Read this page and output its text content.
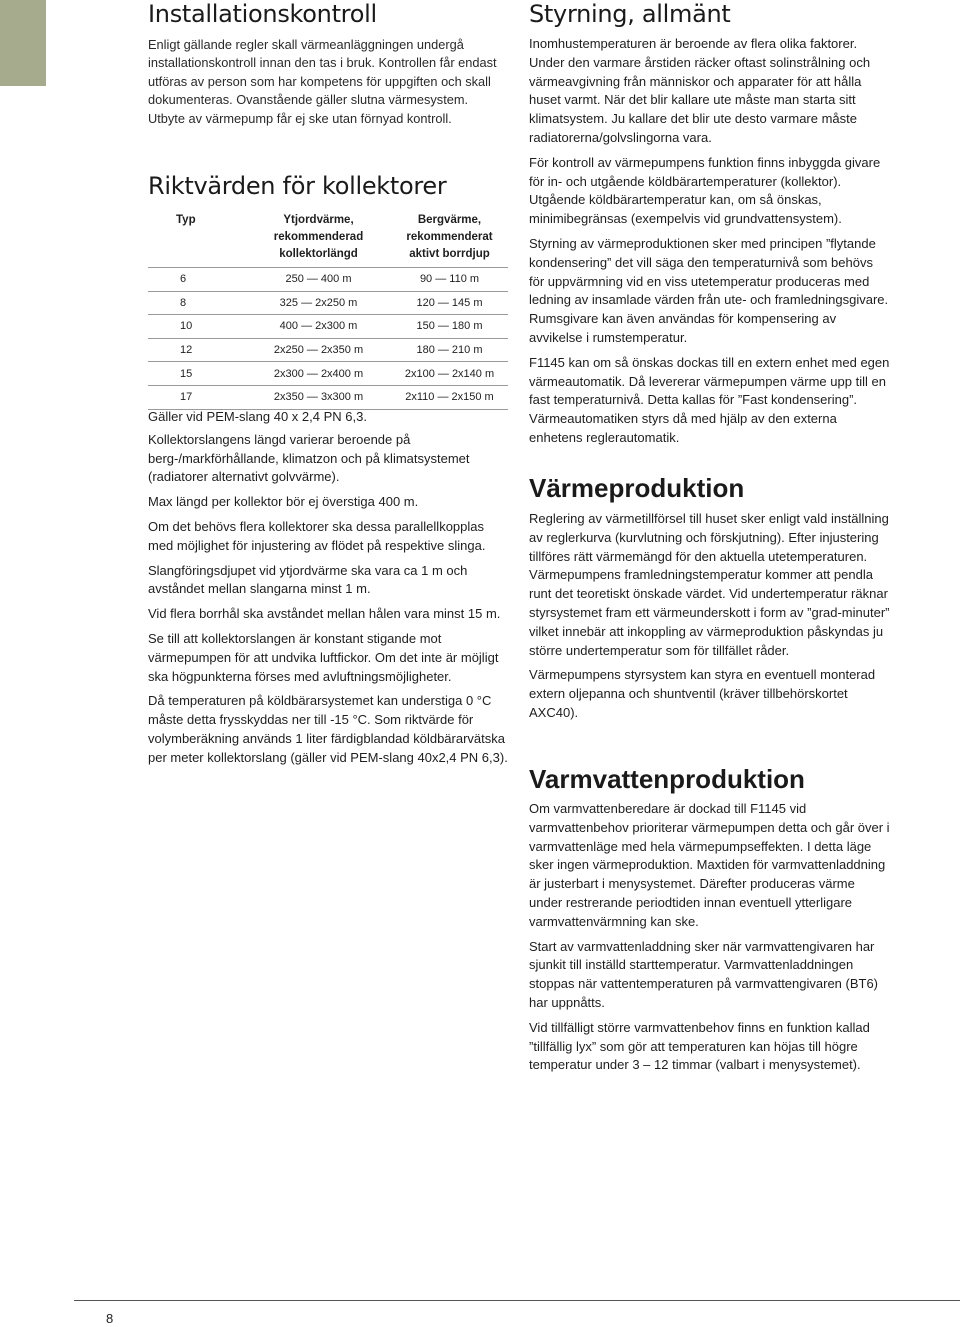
Installationskontroll

Enligt gällande regler skall värmeanläggningen undergå installationskontroll innan den tas i bruk. Kontrollen får endast utföras av person som har kompetens för uppgiften och skall dokumenteras. Ovanstående gäller slutna värmesystem. Utbyte av värmepump får ej ske utan förnyad kontroll.

Riktvärden för kollektorer
Typ	Ytjordvärme, rekommenderad kollektorlängd	Bergvärme, rekommenderat aktivt borrdjup
6	250 — 400 m	90 — 110 m
8	325 — 2x250 m	120 — 145 m
10	400 — 2x300 m	150 — 180 m
12	2x250 — 2x350 m	180 — 210 m
15	2x300 — 2x400 m	2x100 — 2x140 m
17	2x350 — 3x300 m	2x110 — 2x150 m

Gäller vid PEM-slang 40 x 2,4 PN 6,3.

Kollektorslangens längd varierar beroende på berg-/markförhållande, klimatzon och på klimatsystemet (radiatorer alternativt golvvärme).

Max längd per kollektor bör ej överstiga 400 m.

Om det behövs flera kollektorer ska dessa parallellkopplas med möjlighet för injustering av flödet på respektive slinga.

Slangföringsdjupet vid ytjordvärme ska vara ca 1 m och avståndet mellan slangarna minst 1 m.

Vid flera borrhål ska avståndet mellan hålen vara minst 15 m.

Se till att kollektorslangen är konstant stigande mot värmepumpen för att undvika luftfickor. Om det inte är möjligt ska högpunkterna förses med avluftningsmöjligheter.

Då temperaturen på köldbärarsystemet kan understiga 0 °C måste detta frysskyddas ner till -15 °C. Som riktvärde för volymberäkning används 1 liter färdigblandad köldbärarvätska per meter kollektorslang (gäller vid PEM-slang 40x2,4 PN 6,3).

Styrning, allmänt

Inomhustemperaturen är beroende av flera olika faktorer. Under den varmare årstiden räcker oftast solinstrålning och värmeavgivning från människor och apparater för att hålla huset varmt. När det blir kallare ute måste man starta sitt klimatsystem. Ju kallare det blir ute desto varmare måste radiatorerna/golvslingorna vara.

För kontroll av värmepumpens funktion finns inbyggda givare för in- och utgående köldbärartemperaturer (kollektor). Utgående köldbärartemperatur kan, om så önskas, minimibegränsas (exempelvis vid grundvattensystem).

Styrning av värmeproduktionen sker med principen ”flytande kondensering” det vill säga den temperaturnivå som behövs för uppvärmning vid en viss utetemperatur produceras med ledning av insamlade värden från ute- och framledningsgivare. Rumsgivare kan även användas för kompensering av avvikelse i rumstemperatur.

F1145 kan om så önskas dockas till en extern enhet med egen värmeautomatik. Då levererar värmepumpen värme upp till en fast temperaturnivå. Detta kallas för ”Fast kondensering”. Värmeautomatiken styrs då med hjälp av den externa enhetens reglerautomatik.

Värmeproduktion

Reglering av värmetillförsel till huset sker enligt vald inställning av reglerkurva (kurvlutning och förskjutning). Efter injustering tillföres rätt värmemängd för den aktuella utetemperaturen. Värmepumpens framledningstemperatur kommer att pendla runt det teoretiskt önskade värdet. Vid undertemperatur räknar styrsystemet fram ett värmeunderskott i form av ”grad-minuter” vilket innebär att inkoppling av värmeproduktion påskyndas ju större undertemperatur som för tillfället råder.

Värmepumpens styrsystem kan styra en eventuell monterad extern oljepanna och shuntventil (kräver tillbehörskortet AXC40).

Varmvattenproduktion

Om varmvattenberedare är dockad till F1145 vid varmvattenbehov prioriterar värmepumpen detta och går över i varmvattenläge med hela värmepumpseffekten. I detta läge sker ingen värmeproduktion. Maxtiden för varmvattenladdning är justerbart i menysystemet. Därefter produceras värme under restrerande periodtiden innan eventuell ytterligare varmvattenvärmning kan ske.

Start av varmvattenladdning sker när varmvattengivaren har sjunkit till inställd starttemperatur. Varmvattenladdningen stoppas när vattentemperaturen på varmvattengivaren (BT6) har uppnåtts.

Vid tillfälligt större varmvattenbehov finns en funktion kallad ”tillfällig lyx” som gör att temperaturen kan höjas till högre temperatur under 3 – 12 timmar (valbart i menysystemet).

8
